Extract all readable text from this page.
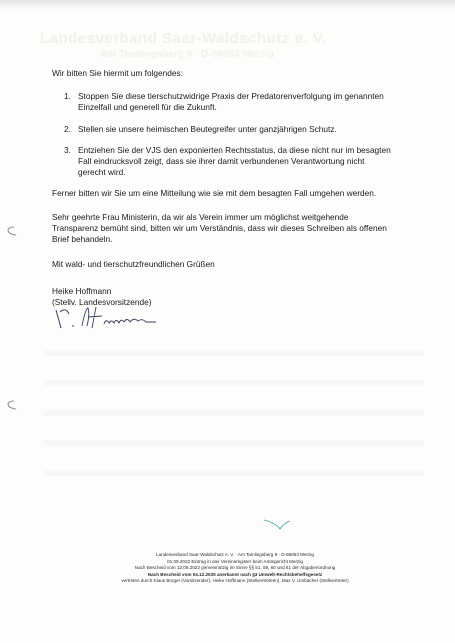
Landesverband Saar-Waldschutz e. V.
Am Tamlingsberg 9 · D-66663 Merzig

Wir bitten Sie hiermit um folgendes:

1. Stoppen Sie diese tierschutzwidrige Praxis der Predatorenverfolgung im genannten Einzelfall und generell für die Zukunft.
2. Stellen sie unsere heimischen Beutegreifer unter ganzjährigen Schutz.
3. Entziehen Sie der VJS den exponierten Rechtsstatus, da diese nicht nur im besagten Fall eindrucksvoll zeigt, dass sie ihrer damit verbundenen Verantwortung nicht gerecht wird.

Ferner bitten wir Sie um eine Mitteilung wie sie mit dem besagten Fall umgehen werden.

Sehr geehrte Frau Ministerin, da wir als Verein immer um möglichst weitgehende Transparenz bemüht sind, bitten wir um Verständnis, dass wir dieses Schreiben als offenen Brief behandeln.

Mit wald- und tierschutzfreundlichen Grüßen

Heike Hoffmann
(Stellv. Landesvorsitzende)
Landesverband Saar-Waldschutz e. V. · Am Tamlingsberg 9 · D-66663 Merzig
01.09.2022 Eintrag in das Vereinsregister beim Amtsgericht Merzig
Nach Bescheid vom 13.09.2022 gemeinnützig im Sinne §§ 51, 59, 60 und 61 der Abgabenordnung
Nach Bescheid vom 04.12.2025 anerkannt nach §3 Umwelt-Rechtsbehelfsgesetz
vertreten durch Klaus Borger (Vorsitzender), Heike Hoffmann (Stellvertreterin), Max V. Umbacher (Stellvertreter)
